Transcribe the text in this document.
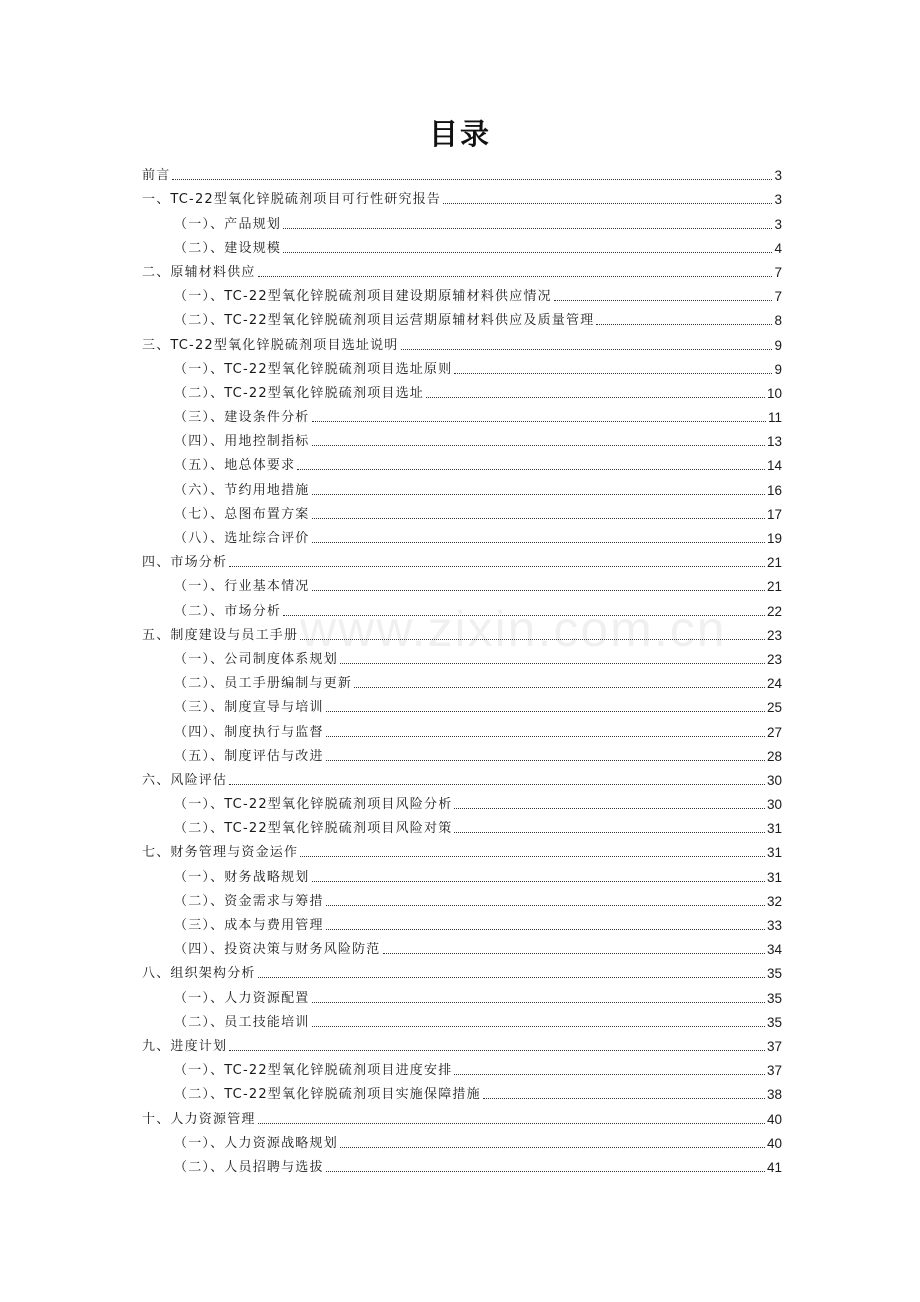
目录
www.zixin.com.cn
前言	3
一、TC-22型氧化锌脱硫剂项目可行性研究报告	3
（一）、产品规划	3
（二）、建设规模	4
二、原辅材料供应	7
（一）、TC-22型氧化锌脱硫剂项目建设期原辅材料供应情况	7
（二）、TC-22型氧化锌脱硫剂项目运营期原辅材料供应及质量管理	8
三、TC-22型氧化锌脱硫剂项目选址说明	9
（一）、TC-22型氧化锌脱硫剂项目选址原则	9
（二）、TC-22型氧化锌脱硫剂项目选址	10
（三）、建设条件分析	11
（四）、用地控制指标	13
（五）、地总体要求	14
（六）、节约用地措施	16
（七）、总图布置方案	17
（八）、选址综合评价	19
四、市场分析	21
（一）、行业基本情况	21
（二）、市场分析	22
五、制度建设与员工手册	23
（一）、公司制度体系规划	23
（二）、员工手册编制与更新	24
（三）、制度宣导与培训	25
（四）、制度执行与监督	27
（五）、制度评估与改进	28
六、风险评估	30
（一）、TC-22型氧化锌脱硫剂项目风险分析	30
（二）、TC-22型氧化锌脱硫剂项目风险对策	31
七、财务管理与资金运作	31
（一）、财务战略规划	31
（二）、资金需求与筹措	32
（三）、成本与费用管理	33
（四）、投资决策与财务风险防范	34
八、组织架构分析	35
（一）、人力资源配置	35
（二）、员工技能培训	35
九、进度计划	37
（一）、TC-22型氧化锌脱硫剂项目进度安排	37
（二）、TC-22型氧化锌脱硫剂项目实施保障措施	38
十、人力资源管理	40
（一）、人力资源战略规划	40
（二）、人员招聘与选拔	41
